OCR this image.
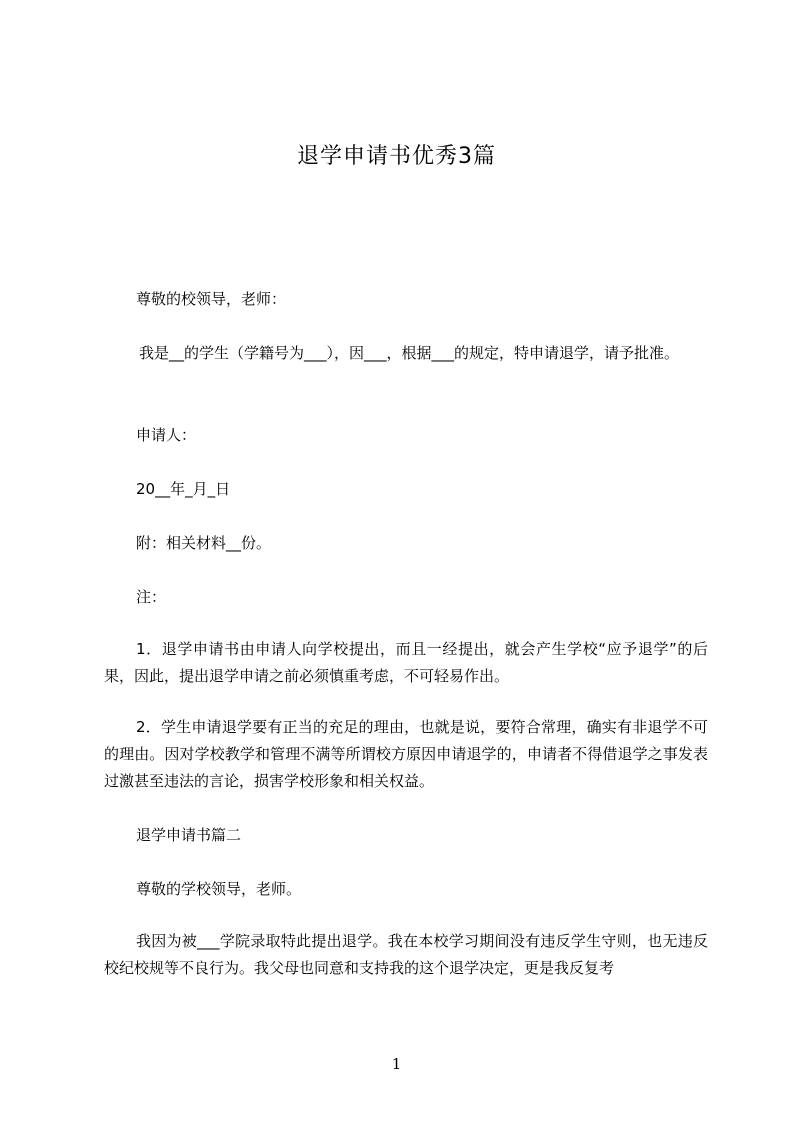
退学申请书优秀3篇

尊敬的校领导，老师：

我是__的学生（学籍号为___），因___，根据___的规定，特申请退学，请予批准。

申请人：

20__年_月_日

附：相关材料__份。

注：

1．退学申请书由申请人向学校提出，而且一经提出，就会产生学校“应予退学”的后果，因此，提出退学申请之前必须慎重考虑，不可轻易作出。

2．学生申请退学要有正当的充足的理由，也就是说，要符合常理，确实有非退学不可的理由。因对学校教学和管理不满等所谓校方原因申请退学的，申请者不得借退学之事发表过激甚至违法的言论，损害学校形象和相关权益。

退学申请书篇二

尊敬的学校领导，老师。

我因为被___学院录取特此提出退学。我在本校学习期间没有违反学生守则，也无违反校纪校规等不良行为。我父母也同意和支持我的这个退学决定，更是我反复考

1
